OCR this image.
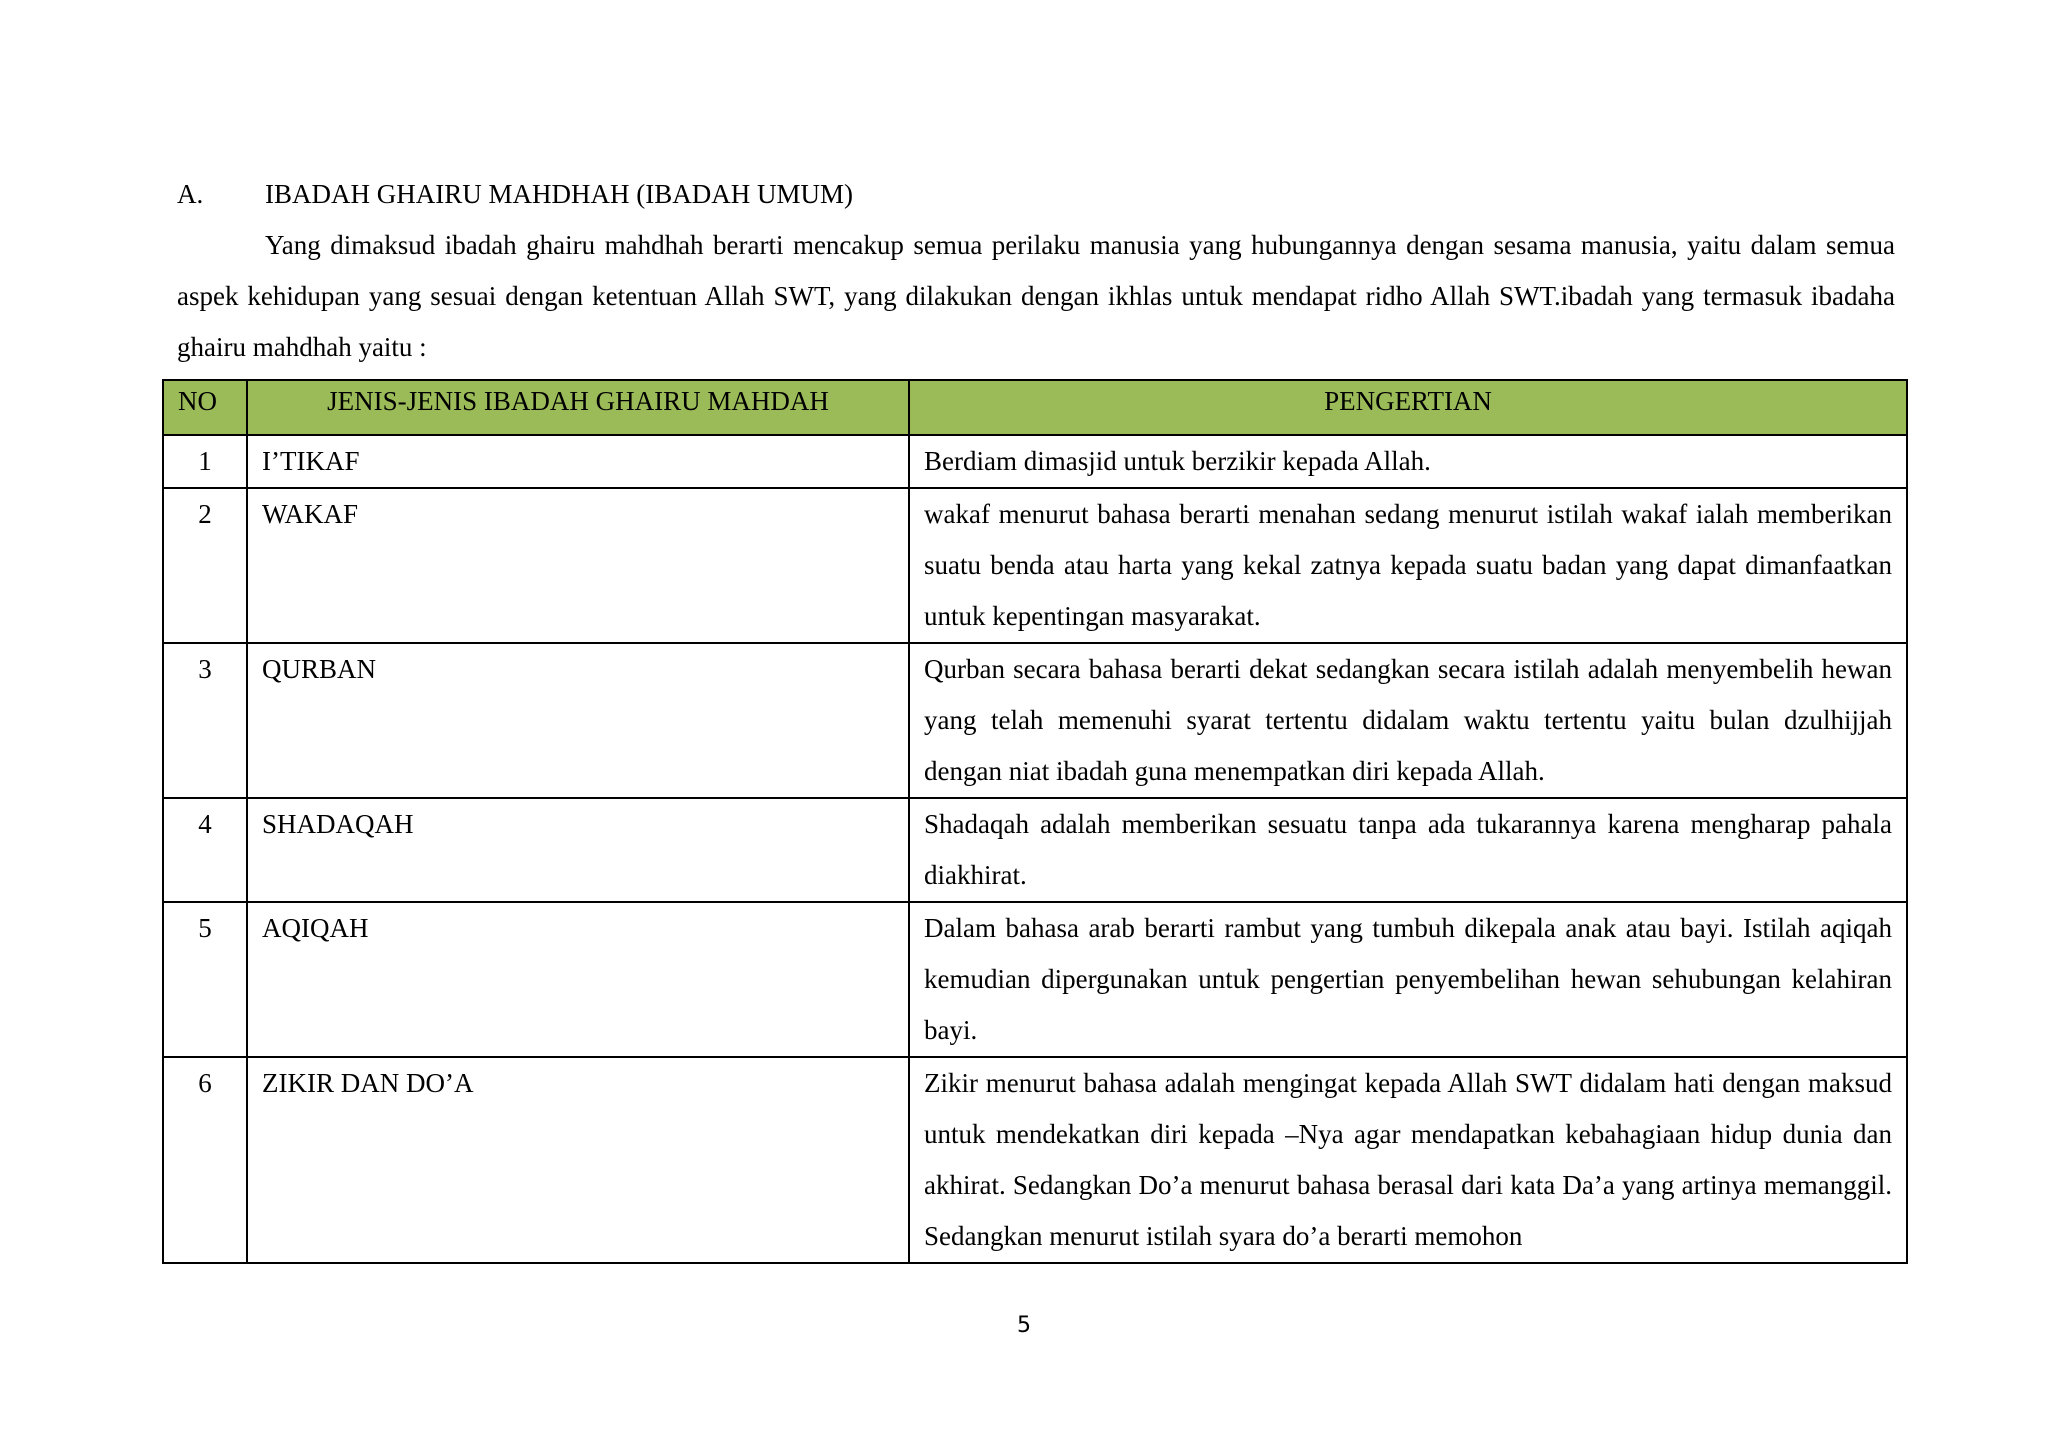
A. IBADAH GHAIRU MAHDHAH (IBADAH UMUM)
Yang dimaksud ibadah ghairu mahdhah berarti mencakup semua perilaku manusia yang hubungannya dengan sesama manusia, yaitu dalam semua aspek kehidupan yang sesuai dengan ketentuan Allah SWT, yang dilakukan dengan ikhlas untuk mendapat ridho Allah SWT.ibadah yang termasuk ibadaha ghairu mahdhah yaitu :
NO	JENIS-JENIS IBADAH GHAIRU MAHDAH	PENGERTIAN
1	I’TIKAF	Berdiam dimasjid untuk berzikir kepada Allah.
2	WAKAF	wakaf menurut bahasa berarti menahan sedang menurut istilah wakaf ialah memberikan suatu benda atau harta yang kekal zatnya kepada suatu badan yang dapat dimanfaatkan untuk kepentingan masyarakat.
3	QURBAN	Qurban secara bahasa berarti dekat sedangkan secara istilah adalah menyembelih hewan yang telah memenuhi syarat tertentu didalam waktu tertentu yaitu bulan dzulhijjah dengan niat ibadah guna menempatkan diri kepada Allah.
4	SHADAQAH	Shadaqah adalah memberikan sesuatu tanpa ada tukarannya karena mengharap pahala diakhirat.
5	AQIQAH	Dalam bahasa arab berarti rambut yang tumbuh dikepala anak atau bayi. Istilah aqiqah kemudian dipergunakan untuk pengertian penyembelihan hewan sehubungan kelahiran bayi.
6	ZIKIR DAN DO’A	Zikir menurut bahasa adalah mengingat kepada Allah SWT didalam hati dengan maksud untuk mendekatkan diri kepada –Nya agar mendapatkan kebahagiaan hidup dunia dan akhirat. Sedangkan Do’a menurut bahasa berasal dari kata Da’a yang artinya memanggil. Sedangkan menurut istilah syara do’a berarti memohon
5
